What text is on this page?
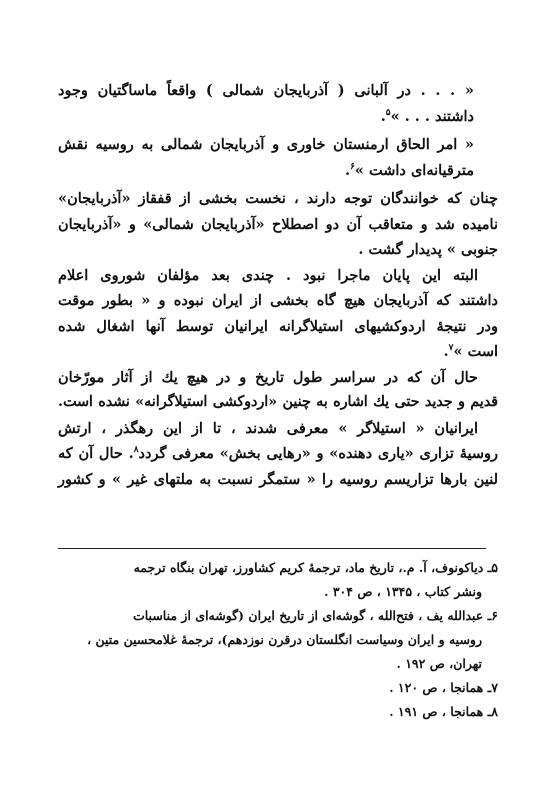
« . . . در آلبانی ( آذربایجان شمالی ) واقعاً ماساگتیان وجود
داشتند . . . »$^۵$.

« امر الحاق ارمنستان خاوری و آذربایجان شمالی به روسیه نقش
مترقیانه‌ای داشت »$^۶$.

چنان که خوانندگان توجه دارند ، نخست بخشی از قفقاز «آذربایجان»
نامیده شد و متعاقب آن دو اصطلاح «آذربایجان شمالی» و «آذربایجان
جنوبی » پدیدار گشت .

البته این پایان ماجرا نبود . چندی بعد مؤلفان شوروی اعلام
داشتند که آذربایجان هیچ گاه بخشی از ایران نبوده و « بطور موقت
ودر نتیجهٔ اردوکشیهای استیلاگرانه ایرانیان توسط آنها اشغال شده
است »$^۷$.

حال آن که در سراسر طول تاریخ و در هیچ یك از آثار مورّخان
قدیم و جدید حتی یك اشاره به چنین «اردوکشی استیلاگرانه» نشده است.
ایرانیان « استیلاگر » معرفی شدند ، تا از این رهگذر ، ارتش
روسیهٔ تزاری «یاری دهنده» و «رهایی بخش» معرفی گردد$^۸$. حال آن که
لنین بارها تزاریسم روسیه را « ستمگر نسبت به ملتهای غیر » و کشور

۵ـ دیاکونوف، آ. م.، تاریخ ماد، ترجمهٔ کریم کشاورز، تهران بنگاه ترجمه
ونشر کتاب ، ۱۳۴۵ ، ص ۳۰۴ .

۶ـ عبدالله یف ، فتح‌الله ، گوشه‌ای از تاریخ ایران (گوشه‌ای از مناسبات
روسیه و ایران وسیاست انگلستان درقرن نوزدهم)، ترجمهٔ غلامحسین متین ،
تهران، ص ۱۹۲ .

۷ـ همانجا ، ص ۱۲۰ .

۸ـ همانجا ، ص ۱۹۱ .
